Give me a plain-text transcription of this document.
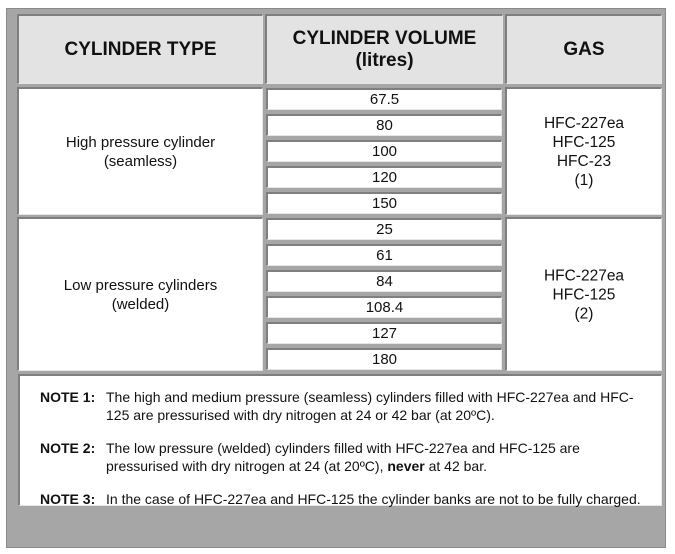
CYLINDER TYPE
CYLINDER VOLUME
(litres)
GAS
High pressure cylinder
(seamless)
67.5
80
100
120
150
HFC-227ea
HFC-125
HFC-23
(1)
Low pressure cylinders
(welded)
25
61
84
108.4
127
180
HFC-227ea
HFC-125
(2)
NOTE 1: The high and medium pressure (seamless) cylinders filled with HFC-227ea and HFC-125 are pressurised with dry nitrogen at 24 or 42 bar (at 20ºC).
NOTE 2: The low pressure (welded) cylinders filled with HFC-227ea and HFC-125 are pressurised with dry nitrogen at 24 (at 20ºC), never at 42 bar.
NOTE 3: In the case of HFC-227ea and HFC-125 the cylinder banks are not to be fully charged.
